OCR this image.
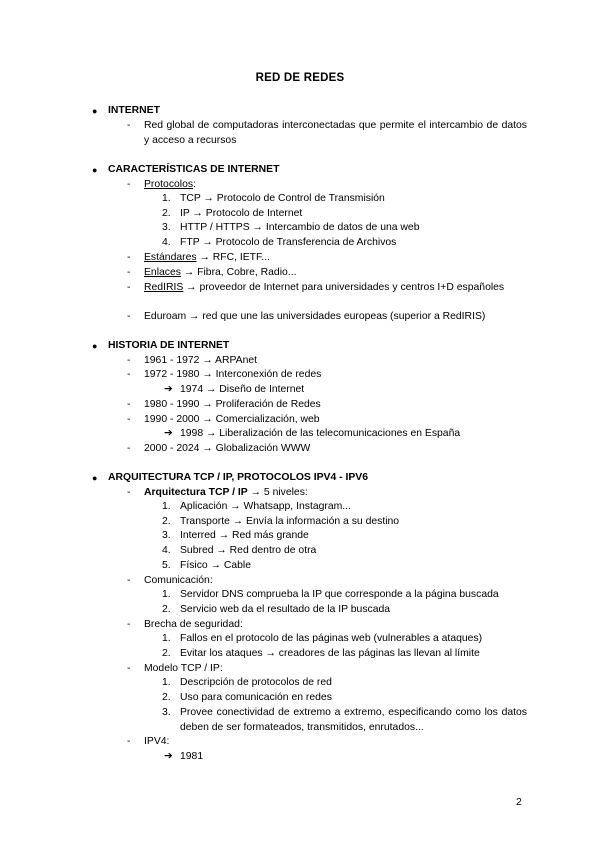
RED DE REDES
● INTERNET
- Red global de computadoras interconectadas que permite el intercambio de datos y acceso a recursos
● CARACTERÍSTICAS DE INTERNET
- Protocolos:
1. TCP → Protocolo de Control de Transmisión
2. IP → Protocolo de Internet
3. HTTP / HTTPS → Intercambio de datos de una web
4. FTP → Protocolo de Transferencia de Archivos
- Estándares → RFC, IETF...
- Enlaces → Fibra, Cobre, Radio...
- RedIRIS → proveedor de Internet para universidades y centros I+D españoles
- Eduroam → red que une las universidades europeas (superior a RedIRIS)
● HISTORIA DE INTERNET
- 1961 - 1972 → ARPAnet
- 1972 - 1980 → Interconexión de redes
➔ 1974 → Diseño de Internet
- 1980 - 1990 → Proliferación de Redes
- 1990 - 2000 → Comercialización, web
➔ 1998 → Liberalización de las telecomunicaciones en España
- 2000 - 2024 → Globalización WWW
● ARQUITECTURA TCP / IP, PROTOCOLOS IPV4 - IPV6
- Arquitectura TCP / IP → 5 niveles:
1. Aplicación → Whatsapp, Instagram...
2. Transporte → Envía la información a su destino
3. Interred → Red más grande
4. Subred → Red dentro de otra
5. Físico → Cable
- Comunicación:
1. Servidor DNS comprueba la IP que corresponde a la página buscada
2. Servicio web da el resultado de la IP buscada
- Brecha de seguridad:
1. Fallos en el protocolo de las páginas web (vulnerables a ataques)
2. Evitar los ataques → creadores de las páginas las llevan al límite
- Modelo TCP / IP:
1. Descripción de protocolos de red
2. Uso para comunicación en redes
3. Provee conectividad de extremo a extremo, especificando como los datos deben de ser formateados, transmitidos, enrutados...
- IPV4:
➔ 1981
2
